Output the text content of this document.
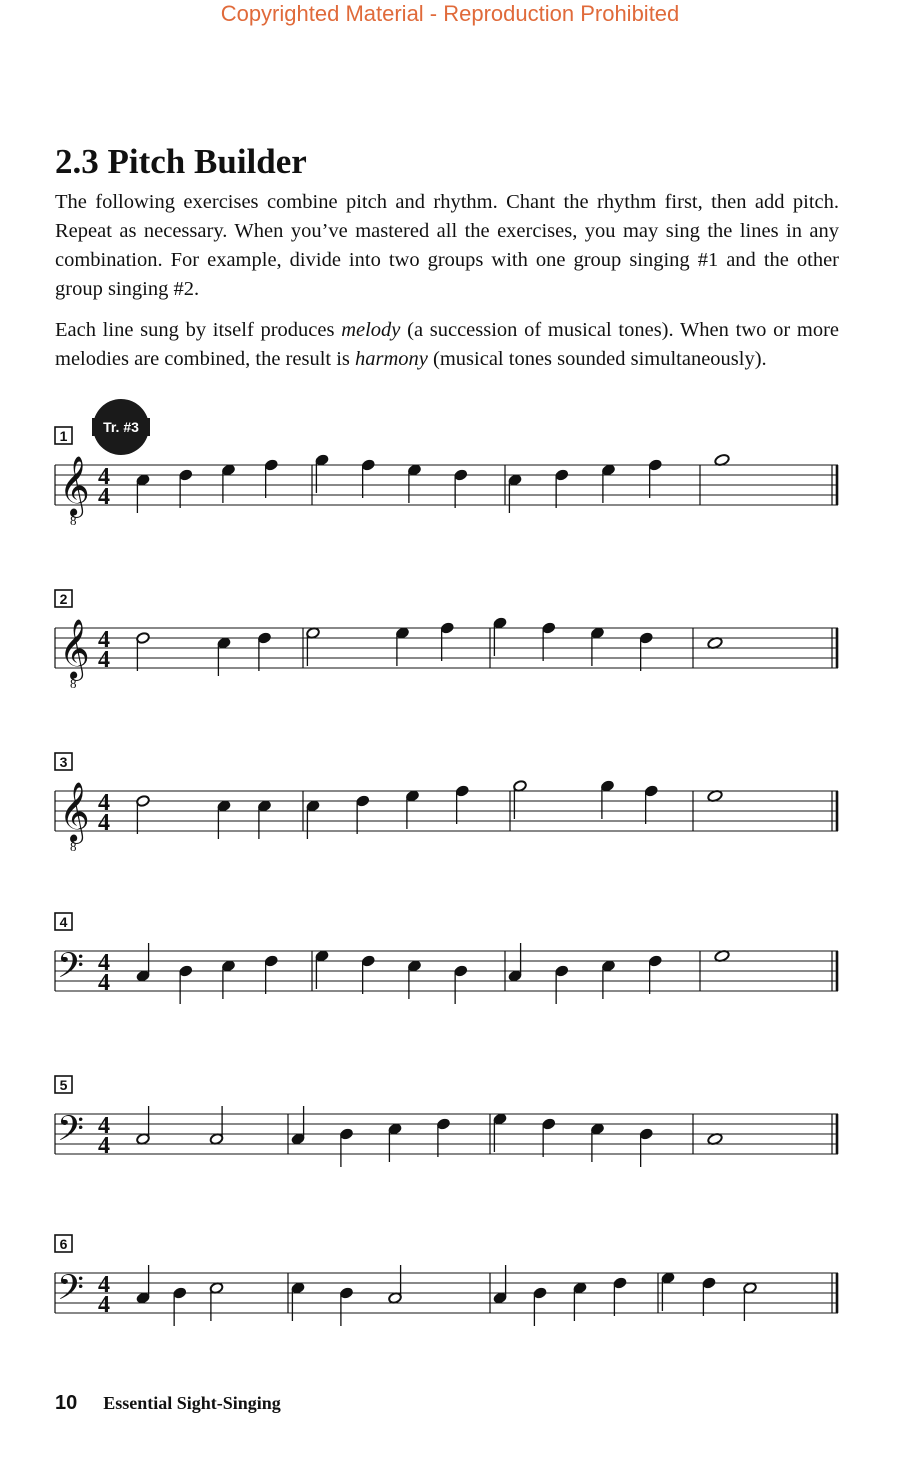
Copyrighted Material - Reproduction Prohibited
2.3 Pitch Builder

The following exercises combine pitch and rhythm. Chant the rhythm first, then add pitch. Repeat as necessary. When you’ve mastered all the exercises, you may sing the lines in any combination. For example, divide into two groups with one group singing #1 and the other group singing #2.

Each line sung by itself produces melody (a succession of musical tones). When two or more melodies are combined, the result is harmony (musical tones sounded simultaneously).

1
Tr. #3
𝄞
8
4
4
2
𝄞
8
4
4
3
𝄞
8
4
4
4
𝄢 4
4
5
𝄢 4
4
6
𝄢 4
4
10 Essential Sight-Singing
